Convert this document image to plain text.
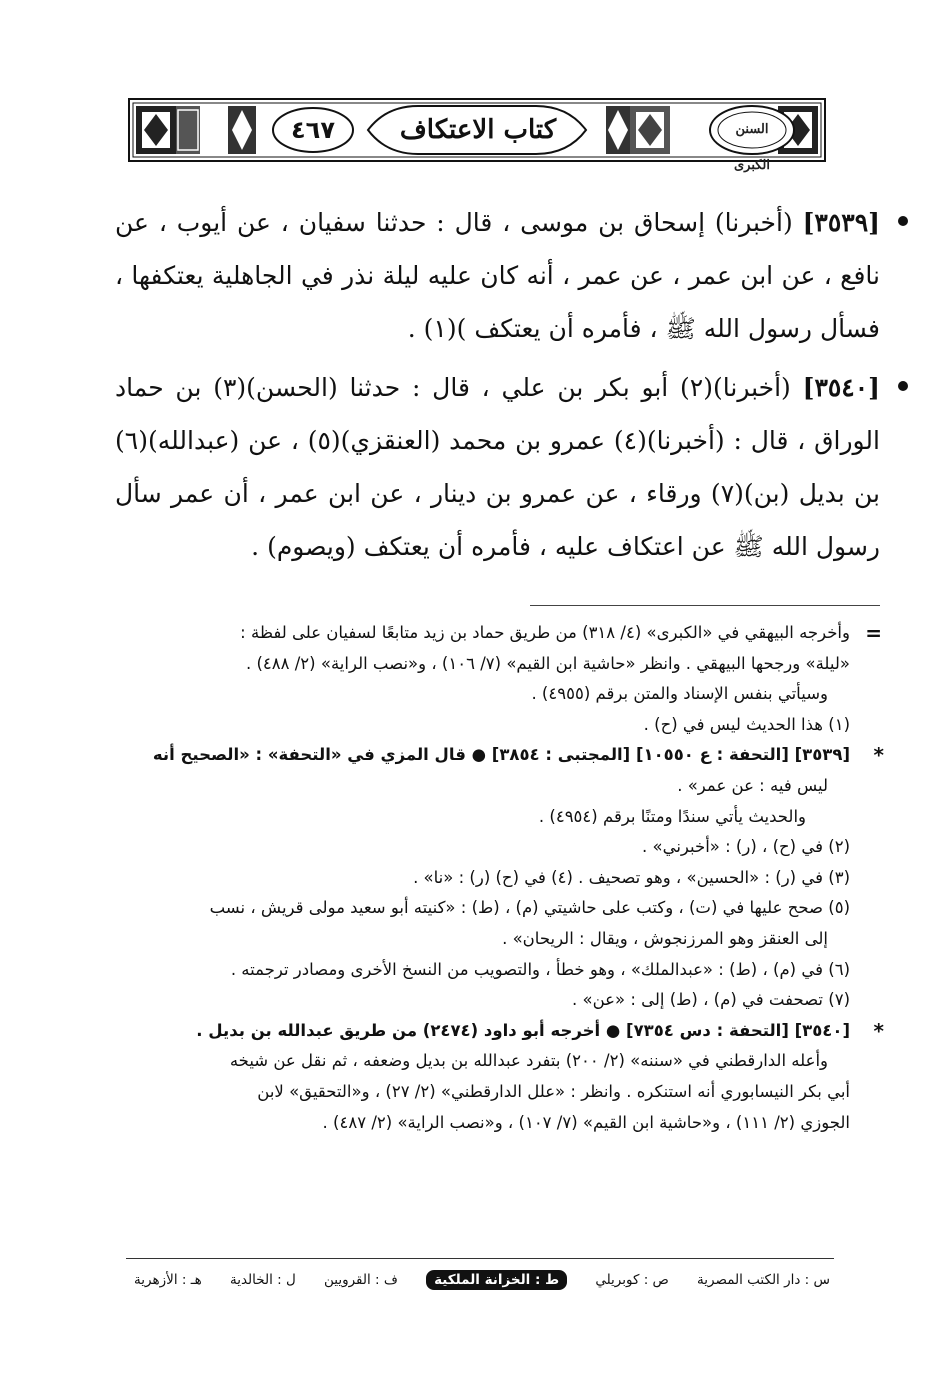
٤٦٧	كتاب الاعتكاف	السنن الكبرى

[٣٥٣٩] (أخبرنا) إسحاق بن موسى ، قال : حدثنا سفيان ، عن أيوب ، عن نافع ، عن ابن عمر ، عن عمر ، أنه كان عليه ليلة نذر في الجاهلية يعتكفها ، فسأل رسول الله ﷺ ، فأمره أن يعتكف )(١) .

[٣٥٤٠] (أخبرنا)(٢) أبو بكر بن علي ، قال : حدثنا (الحسن)(٣) بن حماد الوراق ، قال : (أخبرنا)(٤) عمرو بن محمد (العنقزي)(٥) ، عن (عبدالله)(٦) بن بديل (بن)(٧) ورقاء ، عن عمرو بن دينار ، عن ابن عمر ، أن عمر سأل رسول الله ﷺ عن اعتكاف عليه ، فأمره أن يعتكف (ويصوم) .

=
وأخرجه البيهقي في «الكبرى» (٤/ ٣١٨) من طريق حماد بن زيد متابعًا لسفيان على لفظة :

«ليلة» ورجحها البيهقي . وانظر «حاشية ابن القيم» (٧/ ١٠٦) ، و«نصب الراية» (٢/ ٤٨٨) .

وسيأتي بنفس الإسناد والمتن برقم (٤٩٥٥) .

(١) هذا الحديث ليس في (ح) .

*
[٣٥٣٩] [التحفة : ع ١٠٥٥٠] [المجتبى : ٣٨٥٤] ● قال المزي في «التحفة» : «الصحيح أنه

ليس فيه : عن عمر» .

والحديث يأتي سندًا ومتنًا برقم (٤٩٥٤) .

(٢) في (ح) ، (ر) : «أخبرني» .

(٣) في (ر) : «الحسين» ، وهو تصحيف . (٤) في (ح) (ر) : «نا» .

(٥) صحح عليها في (ت) ، وكتب على حاشيتي (م) ، (ط) : «كنيته أبو سعيد مولى قريش ، نسب

إلى العنقز وهو المرزنجوش ، ويقال : الريحان» .

(٦) في (م) ، (ط) : «عبدالملك» ، وهو خطأ ، والتصويب من النسخ الأخرى ومصادر ترجمته .

(٧) تصحفت في (م) ، (ط) إلى : «عن» .

*
[٣٥٤٠] [التحفة : دس ٧٣٥٤] ● أخرجه أبو داود (٢٤٧٤) من طريق عبدالله بن بديل .

وأعله الدارقطني في «سننه» (٢/ ٢٠٠) بتفرد عبدالله بن بديل وضعفه ، ثم نقل عن شيخه

أبي بكر النيسابوري أنه استنكره . وانظر : «علل الدارقطني» (٢/ ٢٧) ، و«التحقيق» لابن

الجوزي (٢/ ١١١) ، و«حاشية ابن القيم» (٧/ ١٠٧) ، و«نصب الراية» (٢/ ٤٨٧) .

س : دار الكتب المصرية
ص : كوبريلي
ط : الخزانة الملكية
ف : القرويين
ل : الخالدية
هـ : الأزهرية
